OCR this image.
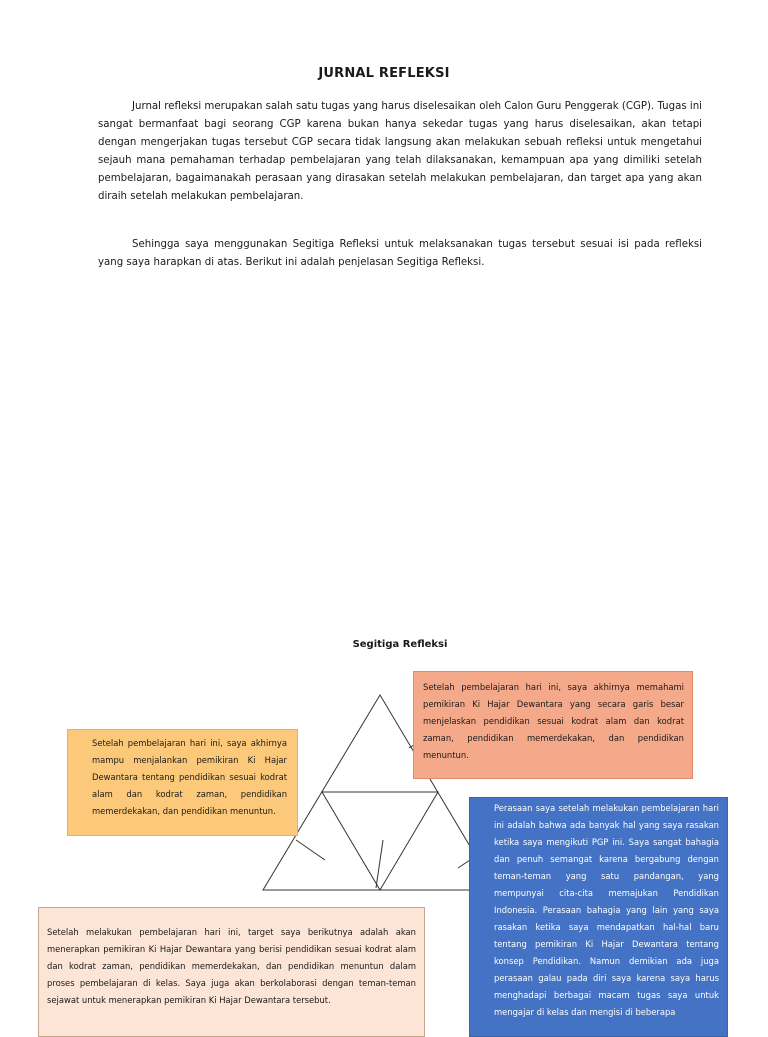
JURNAL REFLEKSI

Jurnal refleksi merupakan salah satu tugas yang harus diselesaikan oleh Calon Guru Penggerak (CGP). Tugas ini sangat bermanfaat bagi seorang CGP karena bukan hanya sekedar tugas yang harus diselesaikan, akan tetapi dengan mengerjakan tugas tersebut CGP secara tidak langsung akan melakukan sebuah refleksi untuk mengetahui sejauh mana pemahaman terhadap pembelajaran yang telah dilaksanakan, kemampuan apa yang dimiliki setelah pembelajaran, bagaimanakah perasaan yang dirasakan setelah melakukan pembelajaran, dan target apa yang akan diraih setelah melakukan pembelajaran.

Sehingga saya menggunakan Segitiga Refleksi untuk melaksanakan tugas tersebut sesuai isi pada refleksi yang saya harapkan di atas. Berikut ini adalah penjelasan Segitiga Refleksi.

Segitiga Refleksi
Setelah pembelajaran hari ini, saya akhirnya memahami pemikiran Ki Hajar Dewantara yang secara garis besar menjelaskan pendidikan sesuai kodrat alam dan kodrat zaman, pendidikan memerdekakan, dan pendidikan menuntun.
Setelah pembelajaran hari ini, saya akhirnya mampu menjalankan pemikiran Ki Hajar Dewantara tentang pendidikan sesuai kodrat alam dan kodrat zaman, pendidikan memerdekakan, dan pendidikan menuntun.	Perasaan saya setelah melakukan pembelajaran hari ini adalah bahwa ada banyak hal yang saya rasakan ketika saya mengikuti PGP ini. Saya sangat bahagia dan penuh semangat karena bergabung dengan teman-teman yang satu pandangan, yang mempunyai cita-cita memajukan Pendidikan Indonesia. Perasaan bahagia yang lain yang saya rasakan ketika saya mendapatkan hal-hal baru tentang pemikiran Ki Hajar Dewantara tentang konsep Pendidikan. Namun demikian ada juga perasaan galau pada diri saya karena saya harus menghadapi berbagai macam tugas saya untuk mengajar di kelas dan mengisi di beberapa
Setelah melakukan pembelajaran hari ini, target saya berikutnya adalah akan menerapkan pemikiran Ki Hajar Dewantara yang berisi pendidikan sesuai kodrat alam dan kodrat zaman, pendidikan memerdekakan, dan pendidikan menuntun dalam proses pembelajaran di kelas. Saya juga akan berkolaborasi dengan teman-teman sejawat untuk menerapkan pemikiran Ki Hajar Dewantara tersebut.
